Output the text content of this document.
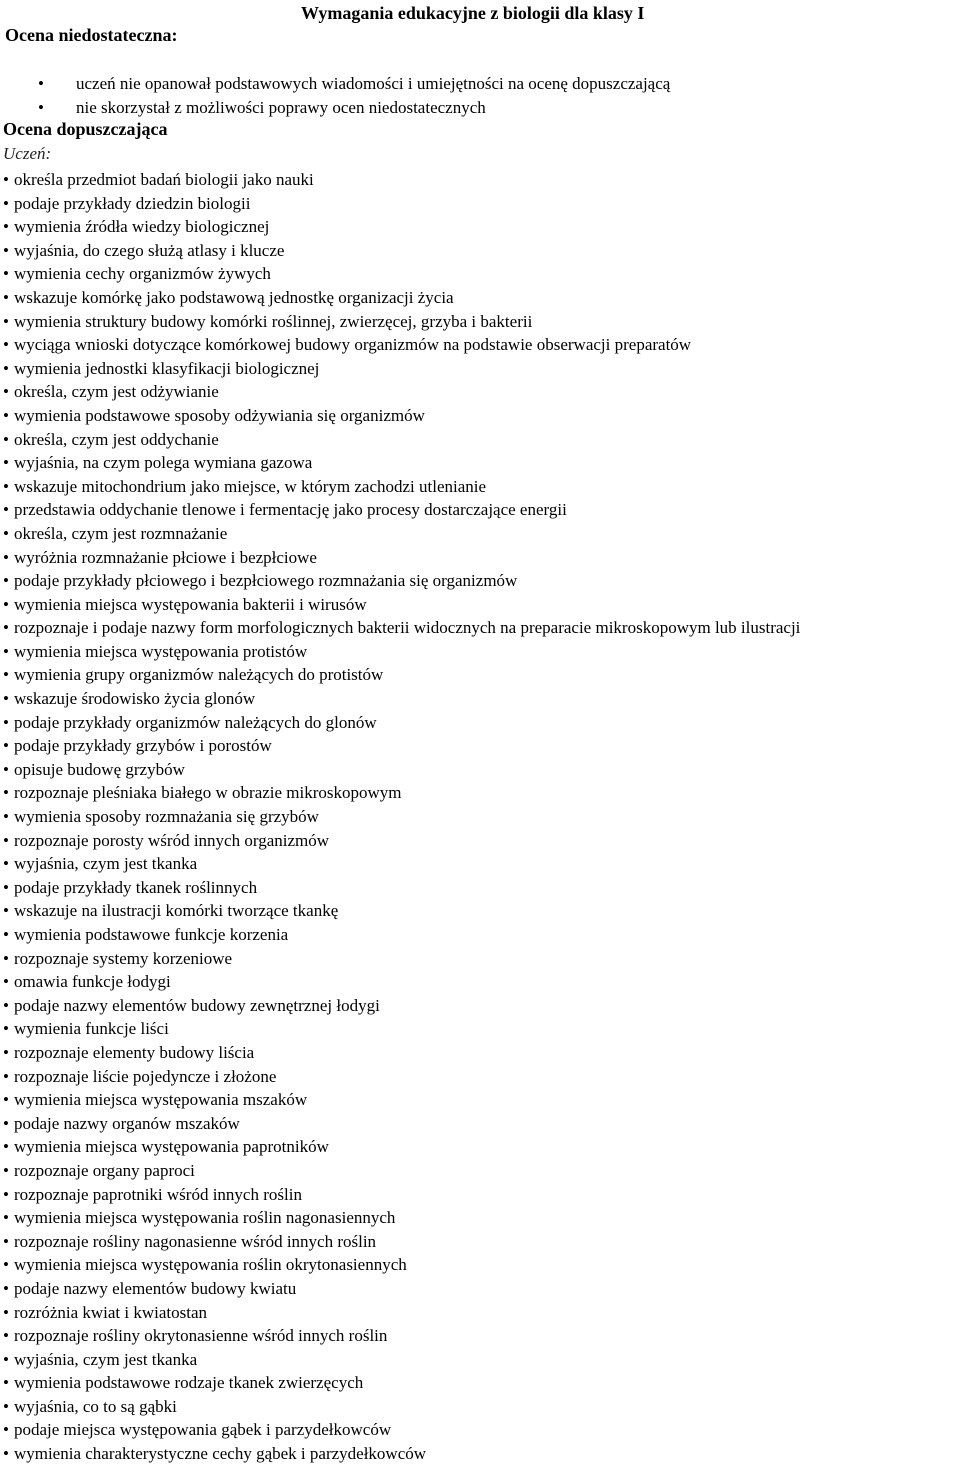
Wymagania edukacyjne z biologii dla klasy I
Ocena niedostateczna:
• uczeń nie opanował podstawowych wiadomości i umiejętności na ocenę dopuszczającą
• nie skorzystał z możliwości poprawy ocen niedostatecznych
Ocena dopuszczająca
Uczeń:
• określa przedmiot badań biologii jako nauki
• podaje przykłady dziedzin biologii
• wymienia źródła wiedzy biologicznej
• wyjaśnia, do czego służą atlasy i klucze
• wymienia cechy organizmów żywych
• wskazuje komórkę jako podstawową jednostkę organizacji życia
• wymienia struktury budowy komórki roślinnej, zwierzęcej, grzyba i bakterii
• wyciąga wnioski dotyczące komórkowej budowy organizmów na podstawie obserwacji preparatów
• wymienia jednostki klasyfikacji biologicznej
• określa, czym jest odżywianie
• wymienia podstawowe sposoby odżywiania się organizmów
• określa, czym jest oddychanie
• wyjaśnia, na czym polega wymiana gazowa
• wskazuje mitochondrium jako miejsce, w którym zachodzi utlenianie
• przedstawia oddychanie tlenowe i fermentację jako procesy dostarczające energii
• określa, czym jest rozmnażanie
• wyróżnia rozmnażanie płciowe i bezpłciowe
• podaje przykłady płciowego i bezpłciowego rozmnażania się organizmów
• wymienia miejsca występowania bakterii i wirusów
• rozpoznaje i podaje nazwy form morfologicznych bakterii widocznych na preparacie mikroskopowym lub ilustracji
• wymienia miejsca występowania protistów
• wymienia grupy organizmów należących do protistów
• wskazuje środowisko życia glonów
• podaje przykłady organizmów należących do glonów
• podaje przykłady grzybów i porostów
• opisuje budowę grzybów
• rozpoznaje pleśniaka białego w obrazie mikroskopowym
• wymienia sposoby rozmnażania się grzybów
• rozpoznaje porosty wśród innych organizmów
• wyjaśnia, czym jest tkanka
• podaje przykłady tkanek roślinnych
• wskazuje na ilustracji komórki tworzące tkankę
• wymienia podstawowe funkcje korzenia
• rozpoznaje systemy korzeniowe
• omawia funkcje łodygi
• podaje nazwy elementów budowy zewnętrznej łodygi
• wymienia funkcje liści
• rozpoznaje elementy budowy liścia
• rozpoznaje liście pojedyncze i złożone
• wymienia miejsca występowania mszaków
• podaje nazwy organów mszaków
• wymienia miejsca występowania paprotników
• rozpoznaje organy paproci
• rozpoznaje paprotniki wśród innych roślin
• wymienia miejsca występowania roślin nagonasiennych
• rozpoznaje rośliny nagonasienne wśród innych roślin
• wymienia miejsca występowania roślin okrytonasiennych
• podaje nazwy elementów budowy kwiatu
• rozróżnia kwiat i kwiatostan
• rozpoznaje rośliny okrytonasienne wśród innych roślin
• wyjaśnia, czym jest tkanka
• wymienia podstawowe rodzaje tkanek zwierzęcych
• wyjaśnia, co to są gąbki
• podaje miejsca występowania gąbek i parzydełkowców
• wymienia charakterystyczne cechy gąbek i parzydełkowców
